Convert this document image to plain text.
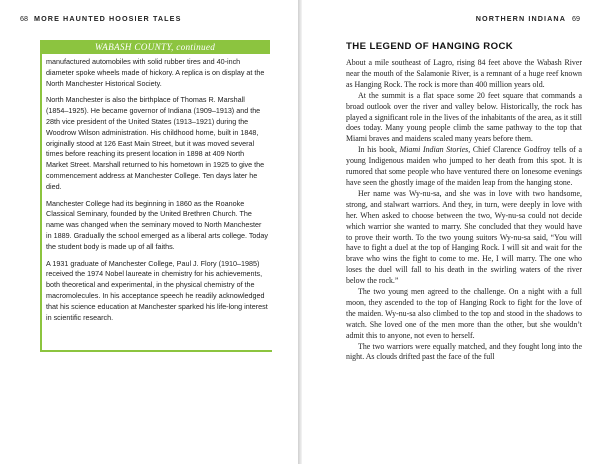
68 MORE HAUNTED HOOSIER TALES
WABASH COUNTY, continued

manufactured automobiles with solid rubber tires and 40-inch diameter spoke wheels made of hickory. A replica is on display at the North Manchester Historical Society.

North Manchester is also the birthplace of Thomas R. Marshall (1854–1925). He became governor of Indiana (1909–1913) and the 28th vice president of the United States (1913–1921) during the Woodrow Wilson administration. His childhood home, built in 1848, originally stood at 126 East Main Street, but it was moved several times before reaching its present location in 1898 at 409 North Market Street. Marshall returned to his hometown in 1925 to give the commencement address at Manchester College. Ten days later he died.

Manchester College had its beginning in 1860 as the Roanoke Classical Seminary, founded by the United Brethren Church. The name was changed when the seminary moved to North Manchester in 1889. Gradually the school emerged as a liberal arts college. Today the student body is made up of all faiths.

A 1931 graduate of Manchester College, Paul J. Flory (1910–1985) received the 1974 Nobel laureate in chemistry for his achievements, both theoretical and experimental, in the physical chemistry of the macromolecules. In his acceptance speech he readily acknowledged that his science education at Manchester sparked his life-long interest in scientific research.

NORTHERN INDIANA 69
THE LEGEND OF HANGING ROCK

About a mile southeast of Lagro, rising 84 feet above the Wabash River near the mouth of the Salamonie River, is a remnant of a huge reef known as Hanging Rock. The rock is more than 400 million years old.

At the summit is a flat space some 20 feet square that commands a broad outlook over the river and valley below. Historically, the rock has played a significant role in the lives of the inhabitants of the area, as it still does today. Many young people climb the same pathway to the top that Miami braves and maidens scaled many years before them.

In his book, Miami Indian Stories, Chief Clarence Godfroy tells of a young Indigenous maiden who jumped to her death from this spot. It is rumored that some people who have ventured there on lonesome evenings have seen the ghostly image of the maiden leap from the hanging stone.

Her name was Wy-nu-sa, and she was in love with two handsome, strong, and stalwart warriors. And they, in turn, were deeply in love with her. When asked to choose between the two, Wy-nu-sa could not decide which warrior she wanted to marry. She concluded that they would have to prove their worth. To the two young suitors Wy-nu-sa said, “You will have to fight a duel at the top of Hanging Rock. I will sit and wait for the brave who wins the fight to come to me. He, I will marry. The one who loses the duel will fall to his death in the swirling waters of the river below the rock.”

The two young men agreed to the challenge. On a night with a full moon, they ascended to the top of Hanging Rock to fight for the love of the maiden. Wy-nu-sa also climbed to the top and stood in the shadows to watch. She loved one of the men more than the other, but she wouldn’t admit this to anyone, not even to herself.

The two warriors were equally matched, and they fought long into the night. As clouds drifted past the face of the full
